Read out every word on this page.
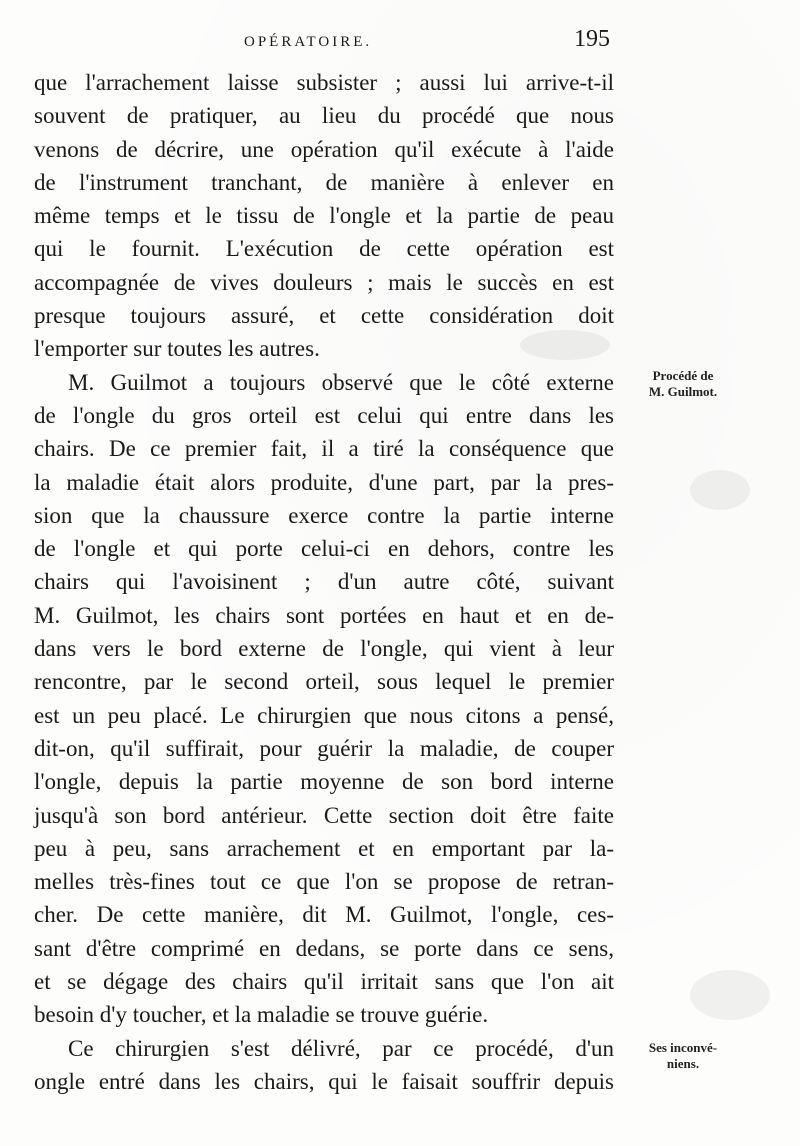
OPÉRATOIRE.	195
que l'arrachement laisse subsister ; aussi lui arrive-t-il
souvent de pratiquer, au lieu du procédé que nous
venons de décrire, une opération qu'il exécute à l'aide
de l'instrument tranchant, de manière à enlever en
même temps et le tissu de l'ongle et la partie de peau
qui le fournit. L'exécution de cette opération est
accompagnée de vives douleurs ; mais le succès en est
presque toujours assuré, et cette considération doit
l'emporter sur toutes les autres.
M. Guilmot a toujours observé que le côté externe
de l'ongle du gros orteil est celui qui entre dans les
chairs. De ce premier fait, il a tiré la conséquence que
la maladie était alors produite, d'une part, par la pres-
sion que la chaussure exerce contre la partie interne
de l'ongle et qui porte celui-ci en dehors, contre les
chairs qui l'avoisinent ; d'un autre côté, suivant
M. Guilmot, les chairs sont portées en haut et en de-
dans vers le bord externe de l'ongle, qui vient à leur
rencontre, par le second orteil, sous lequel le premier
est un peu placé. Le chirurgien que nous citons a pensé,
dit-on, qu'il suffirait, pour guérir la maladie, de couper
l'ongle, depuis la partie moyenne de son bord interne
jusqu'à son bord antérieur. Cette section doit être faite
peu à peu, sans arrachement et en emportant par la-
melles très-fines tout ce que l'on se propose de retran-
cher. De cette manière, dit M. Guilmot, l'ongle, ces-
sant d'être comprimé en dedans, se porte dans ce sens,
et se dégage des chairs qu'il irritait sans que l'on ait
besoin d'y toucher, et la maladie se trouve guérie.
Ce chirurgien s'est délivré, par ce procédé, d'un
ongle entré dans les chairs, qui le faisait souffrir depuis
Procédé de
M. Guilmot.
Ses inconvé-
niens.
